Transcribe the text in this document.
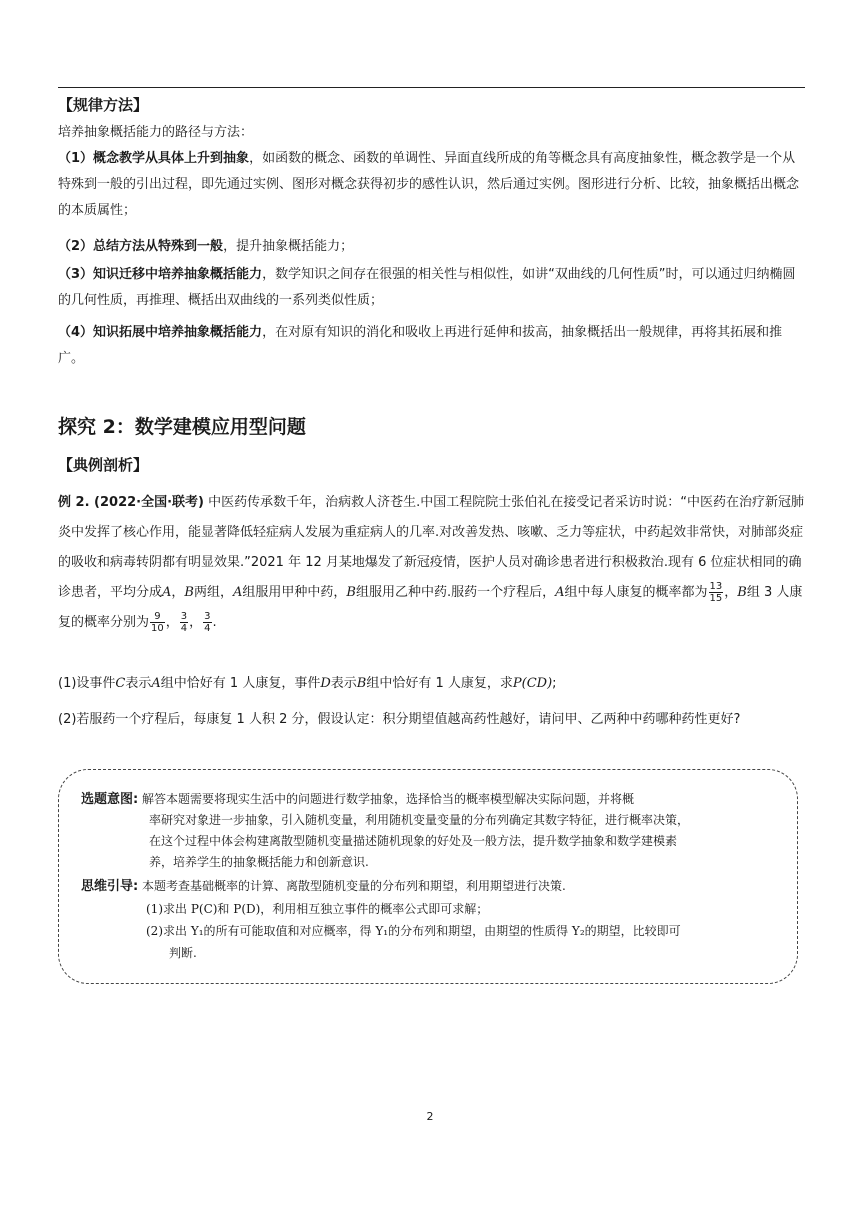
【规律方法】
培养抽象概括能力的路径与方法：
（1）概念教学从具体上升到抽象，如函数的概念、函数的单调性、异面直线所成的角等概念具有高度抽象性，概念教学是一个从特殊到一般的引出过程，即先通过实例、图形对概念获得初步的感性认识，然后通过实例。图形进行分析、比较，抽象概括出概念的本质属性；
（2）总结方法从特殊到一般，提升抽象概括能力；
（3）知识迁移中培养抽象概括能力，数学知识之间存在很强的相关性与相似性，如讲“双曲线的几何性质”时，可以通过归纳椭圆的几何性质，再推理、概括出双曲线的一系列类似性质；
（4）知识拓展中培养抽象概括能力，在对原有知识的消化和吸收上再进行延伸和拔高，抽象概括出一般规律，再将其拓展和推广。
探究 2：数学建模应用型问题
【典例剖析】
例 2. (2022·全国·联考) 中医药传承数千年，治病救人济苍生.中国工程院院士张伯礼在接受记者采访时说：“中医药在治疗新冠肺炎中发挥了核心作用，能显著降低轻症病人发展为重症病人的几率.对改善发热、咳嗽、乏力等症状，中药起效非常快，对肺部炎症的吸收和病毒转阴都有明显效果.”2021 年 12 月某地爆发了新冠疫情，医护人员对确诊患者进行积极救治.现有 6 位症状相同的确诊患者，平均分成A，B两组，A组服用甲种中药，B组服用乙种中药.服药一个疗程后，A组中每人康复的概率都为 $\frac{13}{15}$ ，B组 3 人康复的概率分别为 $\frac{9}{10}$ ， $\frac{3}{4}$ ， $\frac{3}{4}$ .
(1)设事件C表示A组中恰好有 1 人康复，事件D表示B组中恰好有 1 人康复，求P(CD);
(2)若服药一个疗程后，每康复 1 人积 2 分，假设认定：积分期望值越高药性越好，请问甲、乙两种中药哪种药性更好?
选题意图: 解答本题需要将现实生活中的问题进行数学抽象，选择恰当的概率模型解决实际问题，并将概
率研究对象进一步抽象，引入随机变量，利用随机变量变量的分布列确定其数字特征，进行概率决策，
在这个过程中体会构建离散型随机变量描述随机现象的好处及一般方法，提升数学抽象和数学建模素
养，培养学生的抽象概括能力和创新意识.
思维引导: 本题考查基础概率的计算、离散型随机变量的分布列和期望，利用期望进行决策.
(1)求出 P(C)和 P(D)，利用相互独立事件的概率公式即可求解；
(2)求出 Y₁的所有可能取值和对应概率，得 Y₁的分布列和期望，由期望的性质得 Y₂的期望，比较即可
判断.
2
